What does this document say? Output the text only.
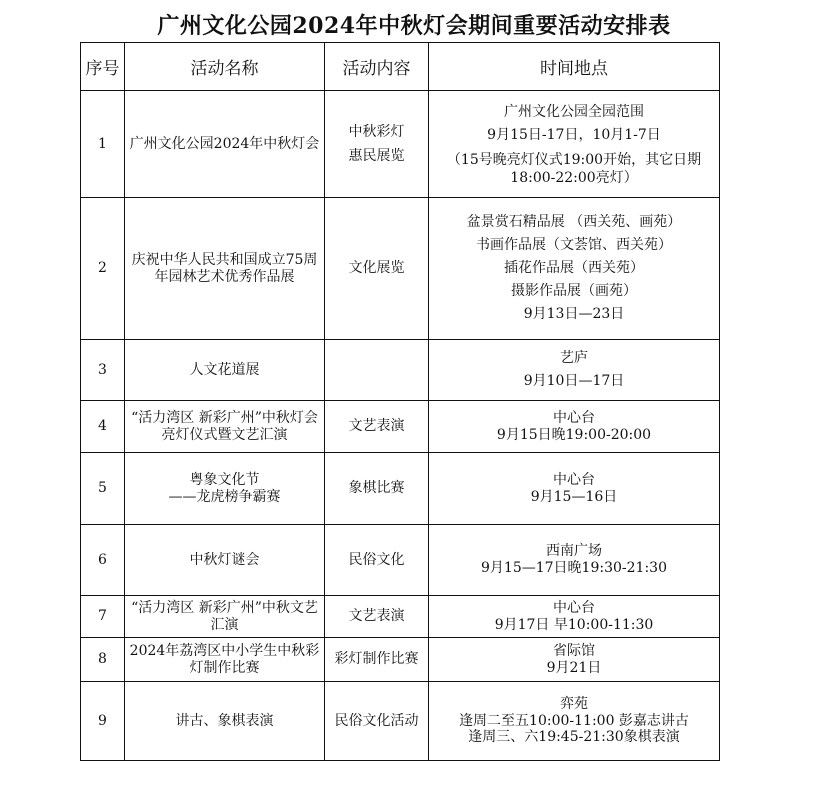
广州文化公园2024年中秋灯会期间重要活动安排表
序号	活动名称	活动内容	时间地点
1	广州文化公园2024年中秋灯会	中秋彩灯
惠民展览	广州文化公园全园范围
9月15日-17日，10月1-7日
（15号晚亮灯仪式19:00开始，其它日期18:00-22:00亮灯）

2	庆祝中华人民共和国成立75周年园林艺术优秀作品展	文化展览	盆景赏石精品展 （西关苑、画苑）
书画作品展（文荟馆、西关苑）
插花作品展（西关苑）
摄影作品展（画苑）
9月13日—23日

3	人文花道展		艺庐
9月10日—17日

4	“活力湾区 新彩广州”中秋灯会亮灯仪式暨文艺汇演	文艺表演	中心台
9月15日晚19:00-20:00

5	粤象文化节
——龙虎榜争霸赛	象棋比赛	中心台
9月15—16日

6	中秋灯谜会	民俗文化	西南广场
9月15—17日晚19:30-21:30

7	“活力湾区 新彩广州”中秋文艺汇演	文艺表演	中心台
9月17日 早10:00-11:30

8	2024年荔湾区中小学生中秋彩灯制作比赛	彩灯制作比赛	省际馆
9月21日

9	讲古、象棋表演	民俗文化活动	弈苑
逢周二至五10:00-11:00 彭嘉志讲古
逢周三、六19:45-21:30象棋表演
